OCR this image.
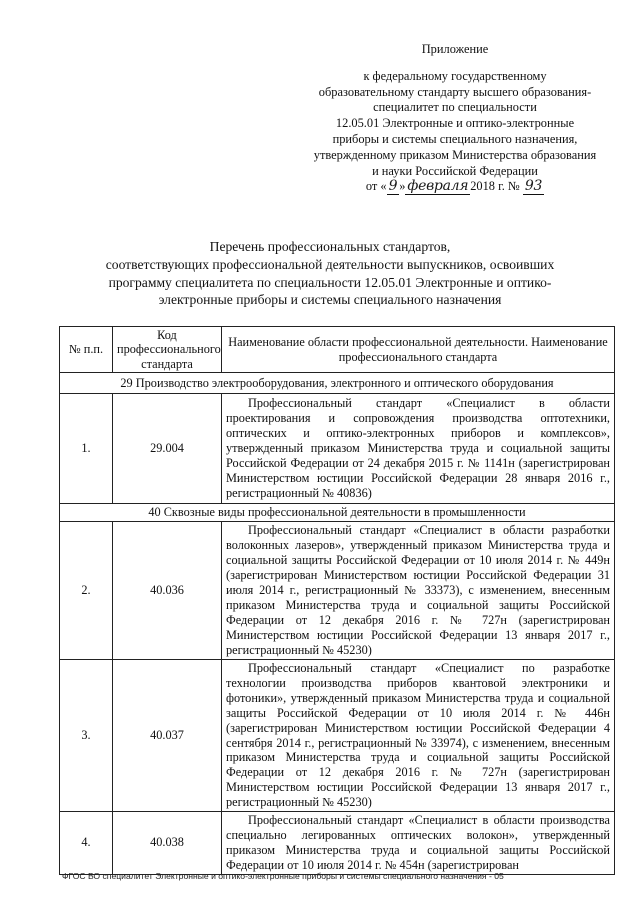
Приложение
к федеральному государственному
образовательному стандарту высшего образования-
специалитет по специальности
12.05.01 Электронные и оптико-электронные
приборы и системы специального назначения,
утвержденному приказом Министерства образования
и науки Российской Федерации
от « 9 » февраля 2018 г. № 93
Перечень профессиональных стандартов,
соответствующих профессиональной деятельности выпускников, освоивших
программу специалитета по специальности 12.05.01 Электронные и оптико-
электронные приборы и системы специального назначения
№ п.п.	Код профессионального стандарта	Наименование области профессиональной деятельности. Наименование профессионального стандарта
29 Производство электрооборудования, электронного и оптического оборудования		
1.	29.004	Профессиональный стандарт «Специалист в области проектирования и сопровождения производства оптотехники, оптических и оптико-электронных приборов и комплексов», утвержденный приказом Министерства труда и социальной защиты Российской Федерации от 24 декабря 2015 г. № 1141н (зарегистрирован Министерством юстиции Российской Федерации 28 января 2016 г., регистрационный № 40836)

40 Сквозные виды профессиональной деятельности в промышленности		
2.	40.036	Профессиональный стандарт «Специалист в области разработки волоконных лазеров», утвержденный приказом Министерства труда и социальной защиты Российской Федерации от 10 июля 2014 г. № 449н (зарегистрирован Министерством юстиции Российской Федерации 31 июля 2014 г., регистрационный № 33373), с изменением, внесенным приказом Министерства труда и социальной защиты Российской Федерации от 12 декабря 2016 г. № 727н (зарегистрирован Министерством юстиции Российской Федерации 13 января 2017 г., регистрационный № 45230)

3.	40.037	Профессиональный стандарт «Специалист по разработке технологии производства приборов квантовой электроники и фотоники», утвержденный приказом Министерства труда и социальной защиты Российской Федерации от 10 июля 2014 г. № 446н (зарегистрирован Министерством юстиции Российской Федерации 4 сентября 2014 г., регистрационный № 33974), с изменением, внесенным приказом Министерства труда и социальной защиты Российской Федерации от 12 декабря 2016 г. № 727н (зарегистрирован Министерством юстиции Российской Федерации 13 января 2017 г., регистрационный № 45230)

4.	40.038	Профессиональный стандарт «Специалист в области производства специально легированных оптических волокон», утвержденный приказом Министерства труда и социальной защиты Российской Федерации от 10 июля 2014 г. № 454н (зарегистрирован
ФГОС ВО специалитет Электронные и оптико-электронные приборы и системы специального назначения - 05
